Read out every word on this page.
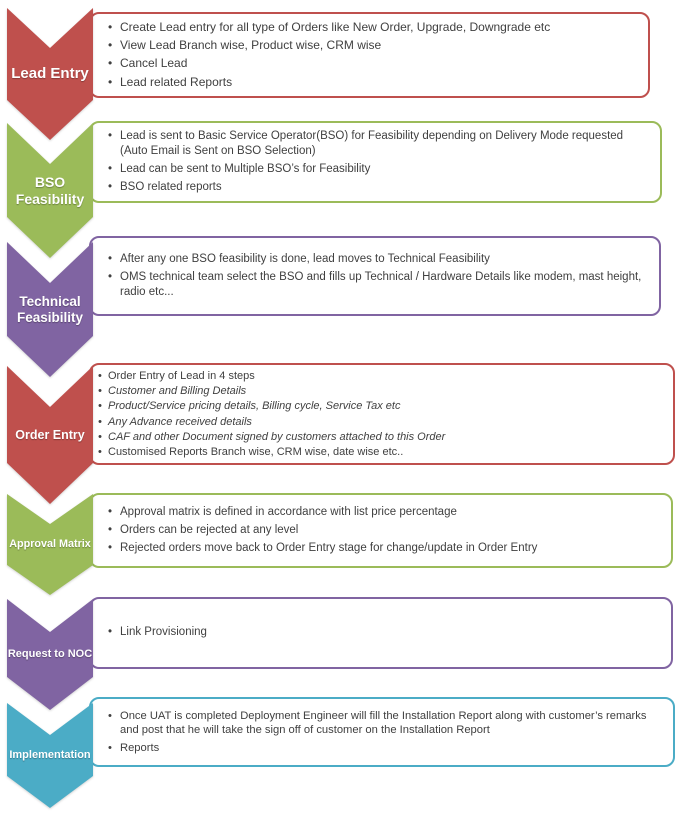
Lead Entry
• Create Lead entry for all type of Orders like New Order, Upgrade, Downgrade etc
• View Lead Branch wise, Product wise, CRM wise
• Cancel Lead
• Lead related Reports
BSO Feasibility
• Lead is sent to Basic Service Operator(BSO) for Feasibility depending on Delivery Mode requested (Auto Email is Sent on BSO Selection)
• Lead can be sent to Multiple BSO’s for Feasibility
• BSO related reports
Technical Feasibility
• After any one BSO feasibility is done, lead moves to Technical Feasibility
• OMS technical team select the BSO and fills up Technical / Hardware Details like modem, mast height, radio etc...
Order Entry
• Order Entry of Lead in 4 steps
• Customer and Billing Details
• Product/Service pricing details, Billing cycle, Service Tax etc
• Any Advance received details
• CAF and other Document signed by customers attached to this Order
• Customised Reports Branch wise, CRM wise, date wise etc..
Approval Matrix
• Approval matrix is defined in accordance with list price percentage
• Orders can be rejected at any level
• Rejected orders move back to Order Entry stage for change/update in Order Entry
Request to NOC
• Link Provisioning
Implementation
• Once UAT is completed Deployment Engineer will fill the Installation Report along with customer’s remarks and post that he will take the sign off of customer on the Installation Report
• Reports
